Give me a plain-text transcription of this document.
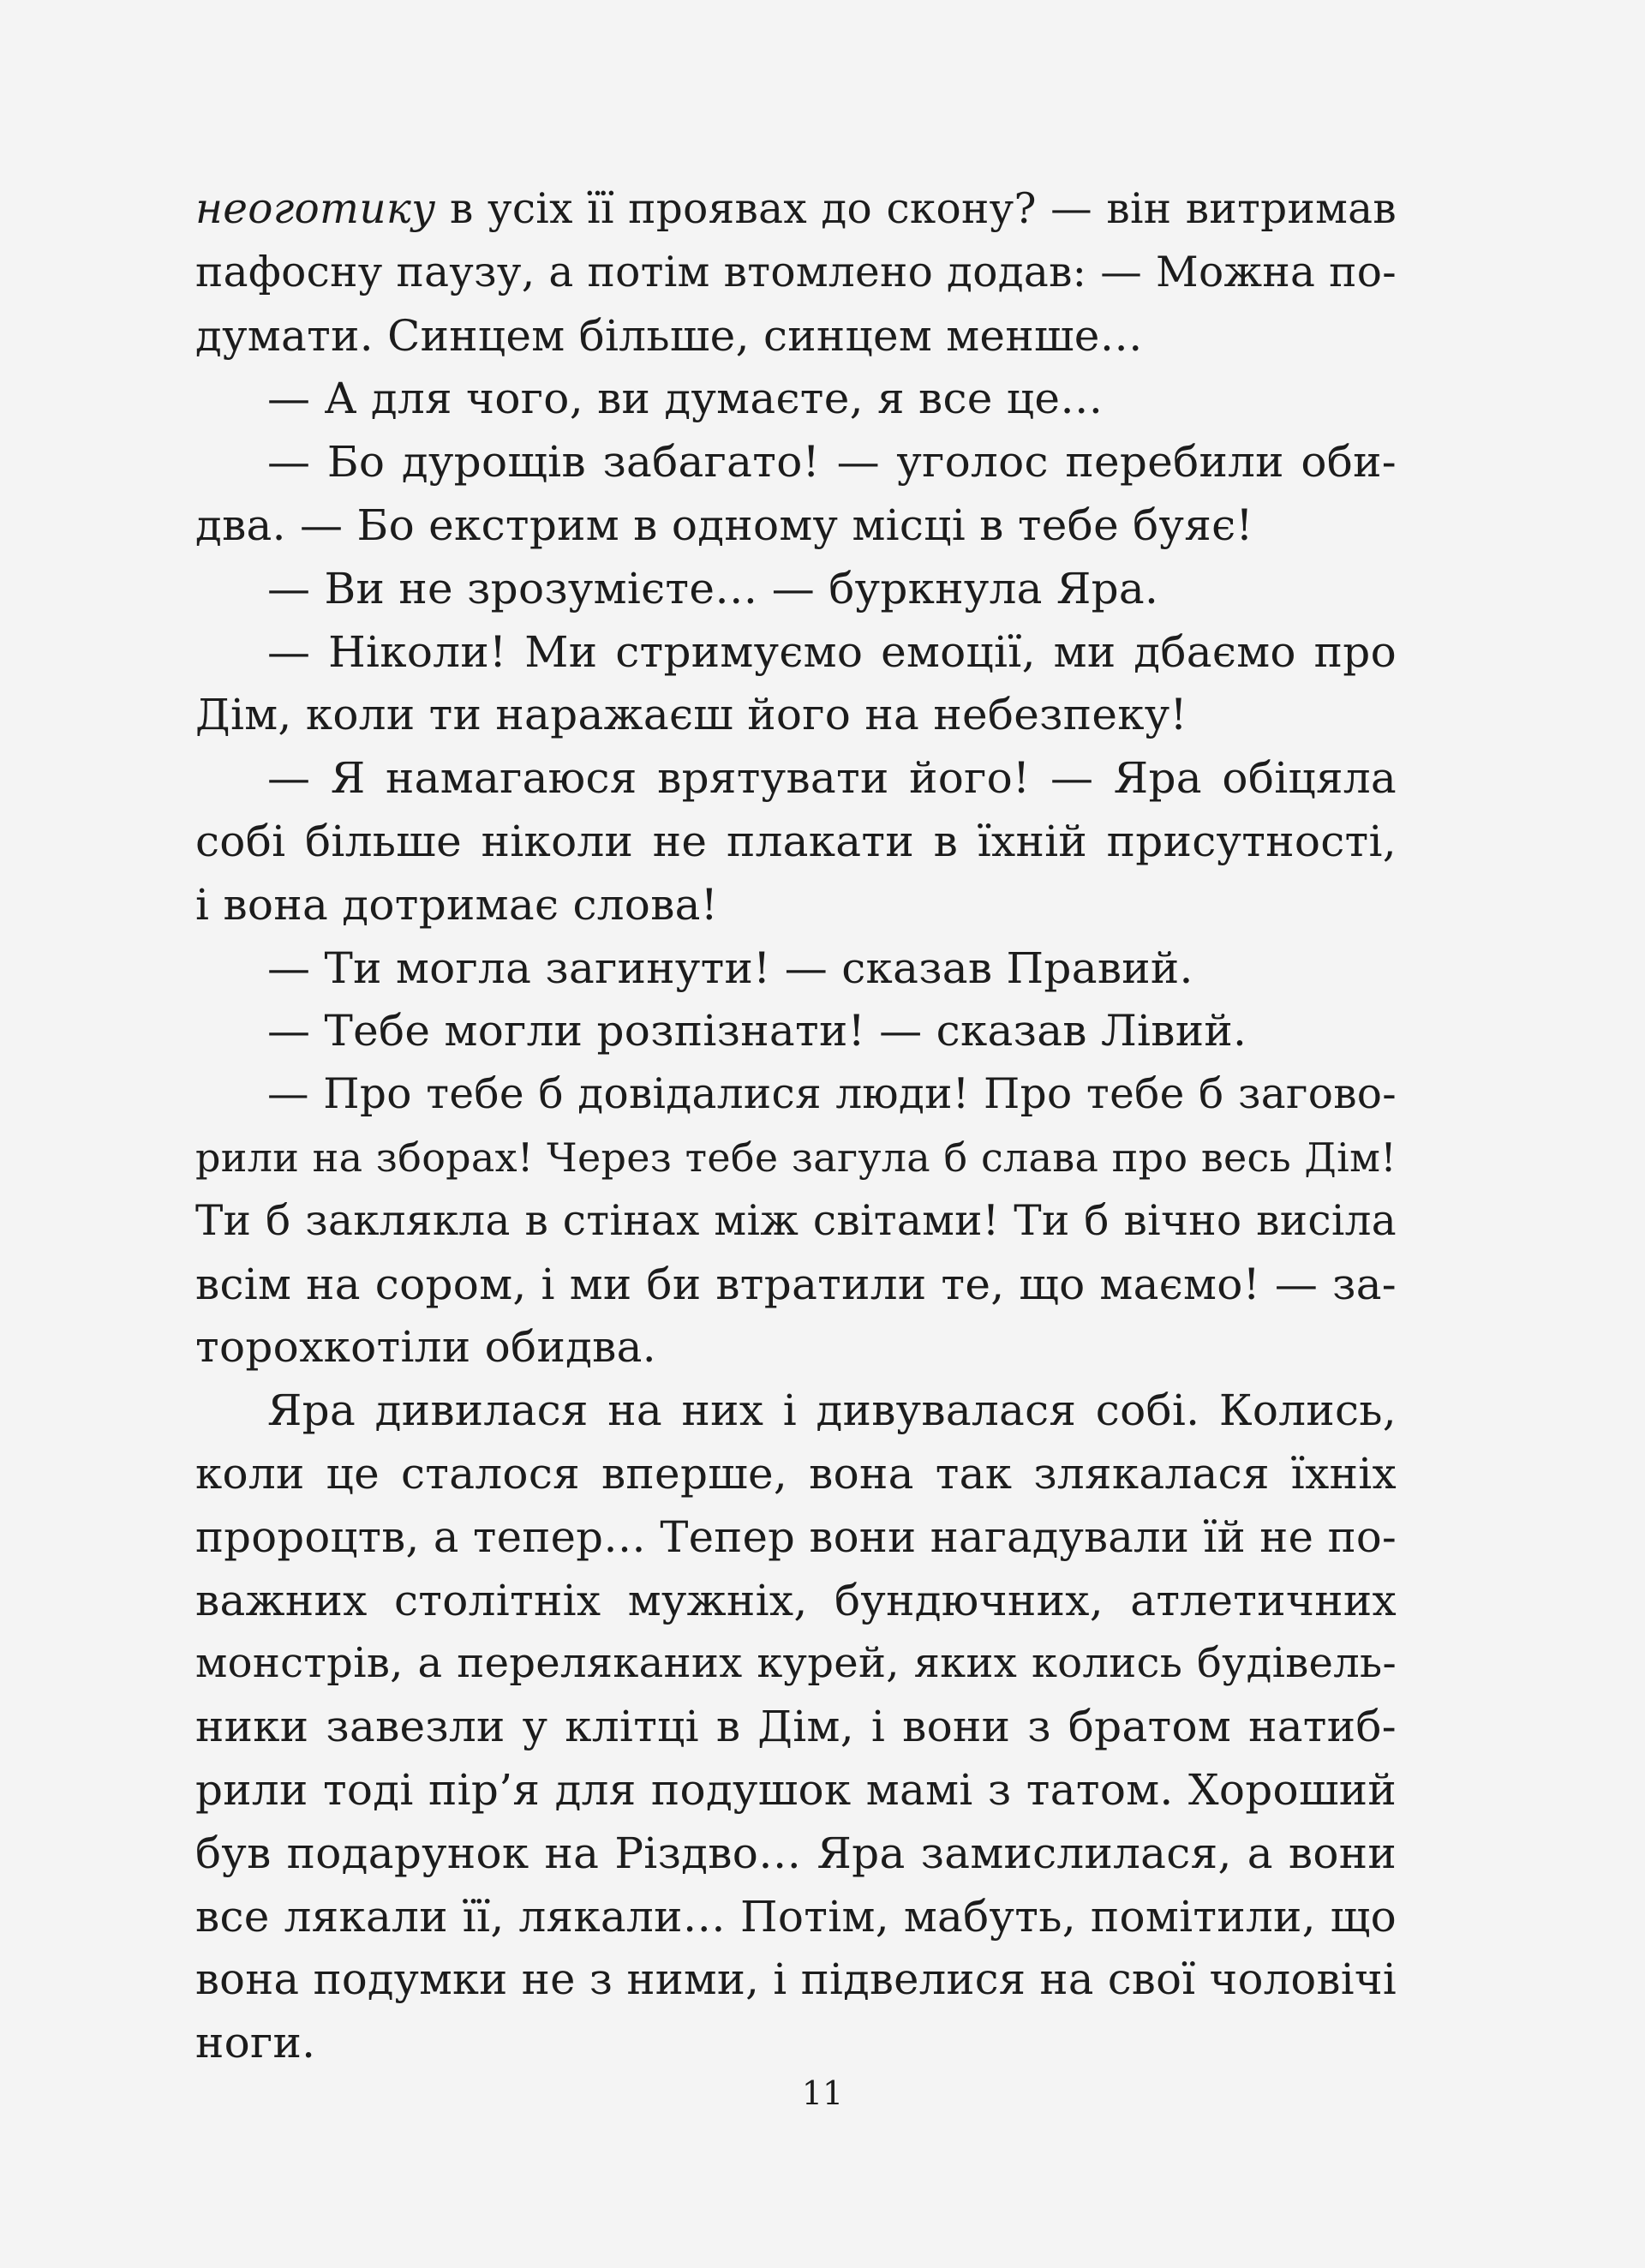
неоготику в усіх її проявах до скону? — він витримав
пафосну паузу, а потім втомлено додав: — Можна по-
думати. Синцем більше, синцем менше…
— А для чого, ви думаєте, я все це…
— Бо дурощів забагато! — уголос перебили оби-
два. — Бо екстрим в одному місці в тебе буяє!
— Ви не зрозумієте… — буркнула Яра.
— Ніколи! Ми стримуємо емоції, ми дбаємо про
Дім, коли ти наражаєш його на небезпеку!
— Я намагаюся врятувати його! — Яра обіцяла
собі більше ніколи не плакати в їхній присутності,
і вона дотримає слова!
— Ти могла загинути! — сказав Правий.
— Тебе могли розпізнати! — сказав Лівий.
— Про тебе б довідалися люди! Про тебе б загово-
рили на зборах! Через тебе загула б слава про весь Дім!
Ти б заклякла в стінах між світами! Ти б вічно висіла
всім на сором, і ми би втратили те, що маємо! — за-
торохкотіли обидва.
Яра дивилася на них і дивувалася собі. Колись,
коли це сталося вперше, вона так злякалася їхніх
пророцтв, а тепер… Тепер вони нагадували їй не по-
важних столітніх мужніх, бундючних, атлетичних
монстрів, а переляканих курей, яких колись будівель-
ники завезли у клітці в Дім, і вони з братом натиб-
рили тоді пір’я для подушок мамі з татом. Хороший
був подарунок на Різдво… Яра замислилася, а вони
все лякали її, лякали… Потім, мабуть, помітили, що
вона подумки не з ними, і підвелися на свої чоловічі
ноги.
11
